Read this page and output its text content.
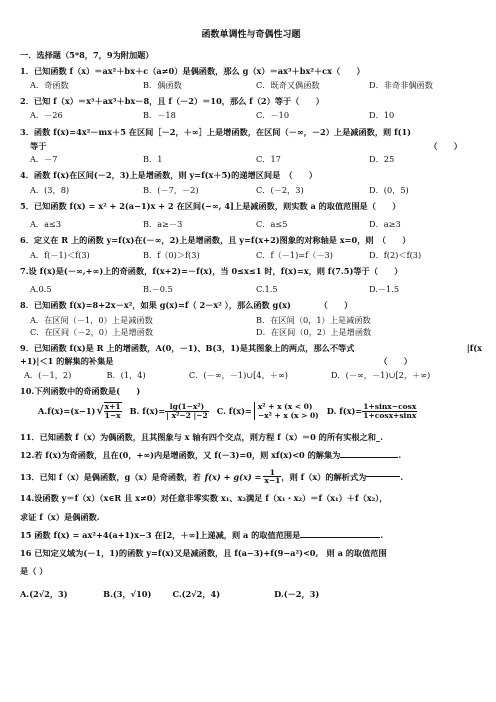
函数单调性与奇偶性习题
一．选择题（5*8，7，9为附加题）
1．已知函数 f（x）＝ax²＋bx＋c（a≠0）是偶函数，那么 g（x）＝ax³＋bx²＋cx（　　）
A．奇函数	B．偶函数	C．既奇又偶函数	D．非奇非偶函数
2．已知 f（x）＝x⁵＋ax³＋bx－8，且 f（－2）＝10，那么 f（2）等于（　　）
A．－26	B．－18	C．－10	D．10
3．函数 f(x)=4x²－mx＋5 在区间［－2，＋∞］上是增函数，在区间（－∞，－2）上是减函数，则 f(1)
等于	（　　）
A．－7	B．1	C．17	D．25
4．函数 f(x)在区间(－2，3)上是增函数，则 y=f(x＋5)的递增区间是　（　　）
A．(3，8)	B．(－7，－2)	C．(－2，3)	D．(0，5)
5．已知函数 f(x) = x² + 2(a−1)x + 2 在区间(−∞, 4]上是减函数，则实数 a 的取值范围是（　　）
A．a≤3	B．a≥－3	C．a≤5	D．a≥3
6．定义在 R 上的函数 y=f(x)在(－∞，2)上是增函数，且 y=f(x+2)图象的对称轴是 x=0，则　（　　）
A．f(－1)＜f(3)	B．f（0)＞f(3)	C．f（－1)=f（－3)	D．f(2)＜f(3)
7.设 f(x)是(－∞,+∞)上的奇函数，f(x+2)=－f(x)，当 0≤x≤1 时，f(x)=x，则 f(7.5)等于（　　）
A.0.5	B.－0.5	C.1.5	D.－1.5
8．已知函数 f(x)=8+2x－x²，如果 g(x)=f（ 2－x² ），那么函数 g(x)　　　　（　　）
A．在区间（－1，0）上是减函数	B．在区间（0，1）上是减函数
C．在区间（－2，0）上是增函数	D．在区间（0，2）上是增函数
9．已知函数 f(x)是 R 上的增函数，A(0，－1)、B(3，1)是其图象上的两点，那么不等式	|f(x
+1)|＜1 的解集的补集是	（　　）
A．(－1，2)	B．(1，4)	C．(－∞，－1)∪[4，＋∞)	D．(－∞，－1)∪[2，＋∞)
10.下列函数中的奇函数是(　　)
A.f(x)=(x−1) √ $\frac{x+1}{1-x} B$. $f(x)= \frac{\text{lg(1−x²)}}{\text{| x²−2 |−2}} C$. f(x)= x² + x (x < 0)
−x² + x (x > 0) D. $f(x)= \frac{1+\sin x-\cos x}{1+\cos x+\sin x}$
11．已知函数 f（x）为偶函数，且其图象与 x 轴有四个交点，则方程 f（x）＝0 的所有实根之和_.
12.若 f(x)为奇函数，且在(0，+∞)内是增函数，又 f(－3)=0，则 xf(x)<0 的解集为	.
13．已知 f（x）是偶函数，g（x）是奇函数，若 $f(x) + g(x) = \frac{1}{x-1}$ ，则 f（x）的解析式为	.
14.设函数 y＝f（x）（x∈R 且 x≠0）对任意非零实数 x₁、x₂满足 f（x₁・x₂）＝f（x₁）＋f（x₂），
求证 f（x）是偶函数.
15 函数 f(x) = ax²+4(a+1)x−3 在[2，＋∞]上递减，则 a 的取值范围是	.
16 已知定义域为(－1，1)的函数 y=f(x)又是减函数，且 f(a−3)+f(9−a²)<0,　则 a 的取值范围
是（ ）
A.(2√2，3)	B.(3，√10)	C.(2√2，4)	D.(－2，3)
